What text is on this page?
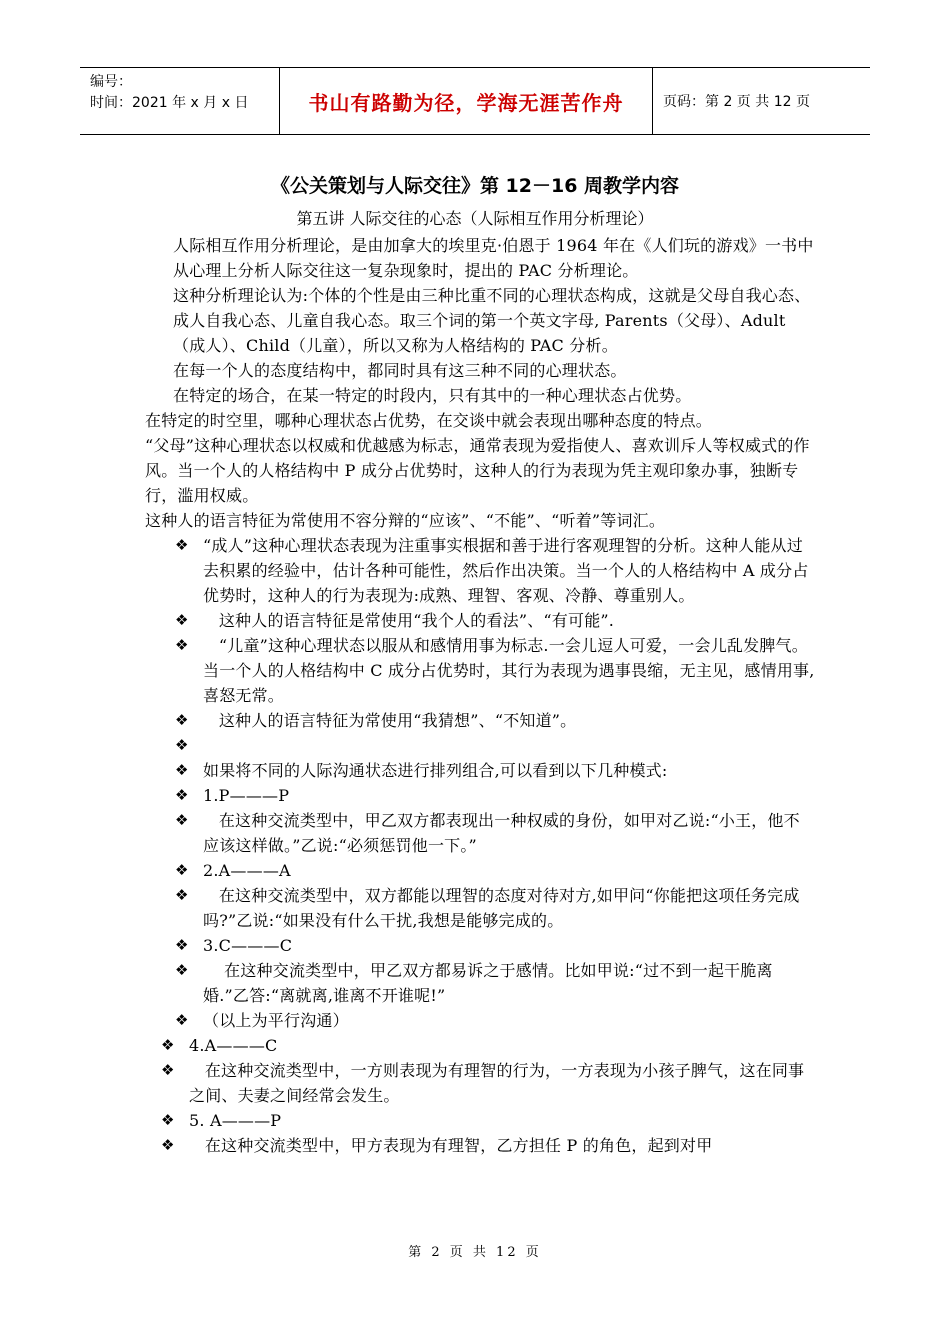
编号：
时间：2021 年 x 月 x 日	书山有路勤为径，学海无涯苦作舟	页码：第 2 页 共 12 页
《公关策划与人际交往》第 12－16 周教学内容
第五讲 人际交往的心态（人际相互作用分析理论）

人际相互作用分析理论，是由加拿大的埃里克·伯恩于 1964 年在《人们玩的游戏》一书中从心理上分析人际交往这一复杂现象时，提出的 PAC 分析理论。

这种分析理论认为:个体的个性是由三种比重不同的心理状态构成，这就是父母自我心态、成人自我心态、儿童自我心态。取三个词的第一个英文字母, Parents（父母）、Adult（成人）、Child（儿童），所以又称为人格结构的 PAC 分析。

在每一个人的态度结构中，都同时具有这三种不同的心理状态。

在特定的场合，在某一特定的时段内，只有其中的一种心理状态占优势。

在特定的时空里，哪种心理状态占优势，在交谈中就会表现出哪种态度的特点。

“父母”这种心理状态以权威和优越感为标志，通常表现为爱指使人、喜欢训斥人等权威式的作风。当一个人的人格结构中 P 成分占优势时，这种人的行为表现为凭主观印象办事，独断专行，滥用权威。

这种人的语言特征为常使用不容分辩的“应该”、“不能”、“听着”等词汇。

❖ “成人”这种心理状态表现为注重事实根据和善于进行客观理智的分析。这种人能从过去积累的经验中，估计各种可能性，然后作出决策。当一个人的人格结构中 A 成分占优势时，这种人的行为表现为:成熟、理智、客观、冷静、尊重别人。
❖ 这种人的语言特征是常使用“我个人的看法”、“有可能”.
❖ “儿童”这种心理状态以服从和感情用事为标志.一会儿逗人可爱，一会儿乱发脾气。当一个人的人格结构中 C 成分占优势时，其行为表现为遇事畏缩，无主见，感情用事,喜怒无常。
❖ 这种人的语言特征为常使用“我猜想”、“不知道”。
❖
❖ 如果将不同的人际沟通状态进行排列组合,可以看到以下几种模式:
❖ 1.P———P
❖ 在这种交流类型中，甲乙双方都表现出一种权威的身份，如甲对乙说:“小王，他不应该这样做。”乙说:“必须惩罚他一下。”
❖ 2.A———A
❖ 在这种交流类型中，双方都能以理智的态度对待对方,如甲问“你能把这项任务完成吗?”乙说:“如果没有什么干扰,我想是能够完成的。
❖ 3.C———C
❖ 在这种交流类型中，甲乙双方都易诉之于感情。比如甲说:“过不到一起干脆离婚.”乙答:“离就离,谁离不开谁呢!”
❖ （以上为平行沟通）
❖ 4.A———C
❖ 在这种交流类型中，一方则表现为有理智的行为，一方表现为小孩子脾气，这在同事之间、夫妻之间经常会发生。
❖ 5. A———P
❖ 在这种交流类型中，甲方表现为有理智，乙方担任 P 的角色，起到对甲
第 2 页 共 12 页
